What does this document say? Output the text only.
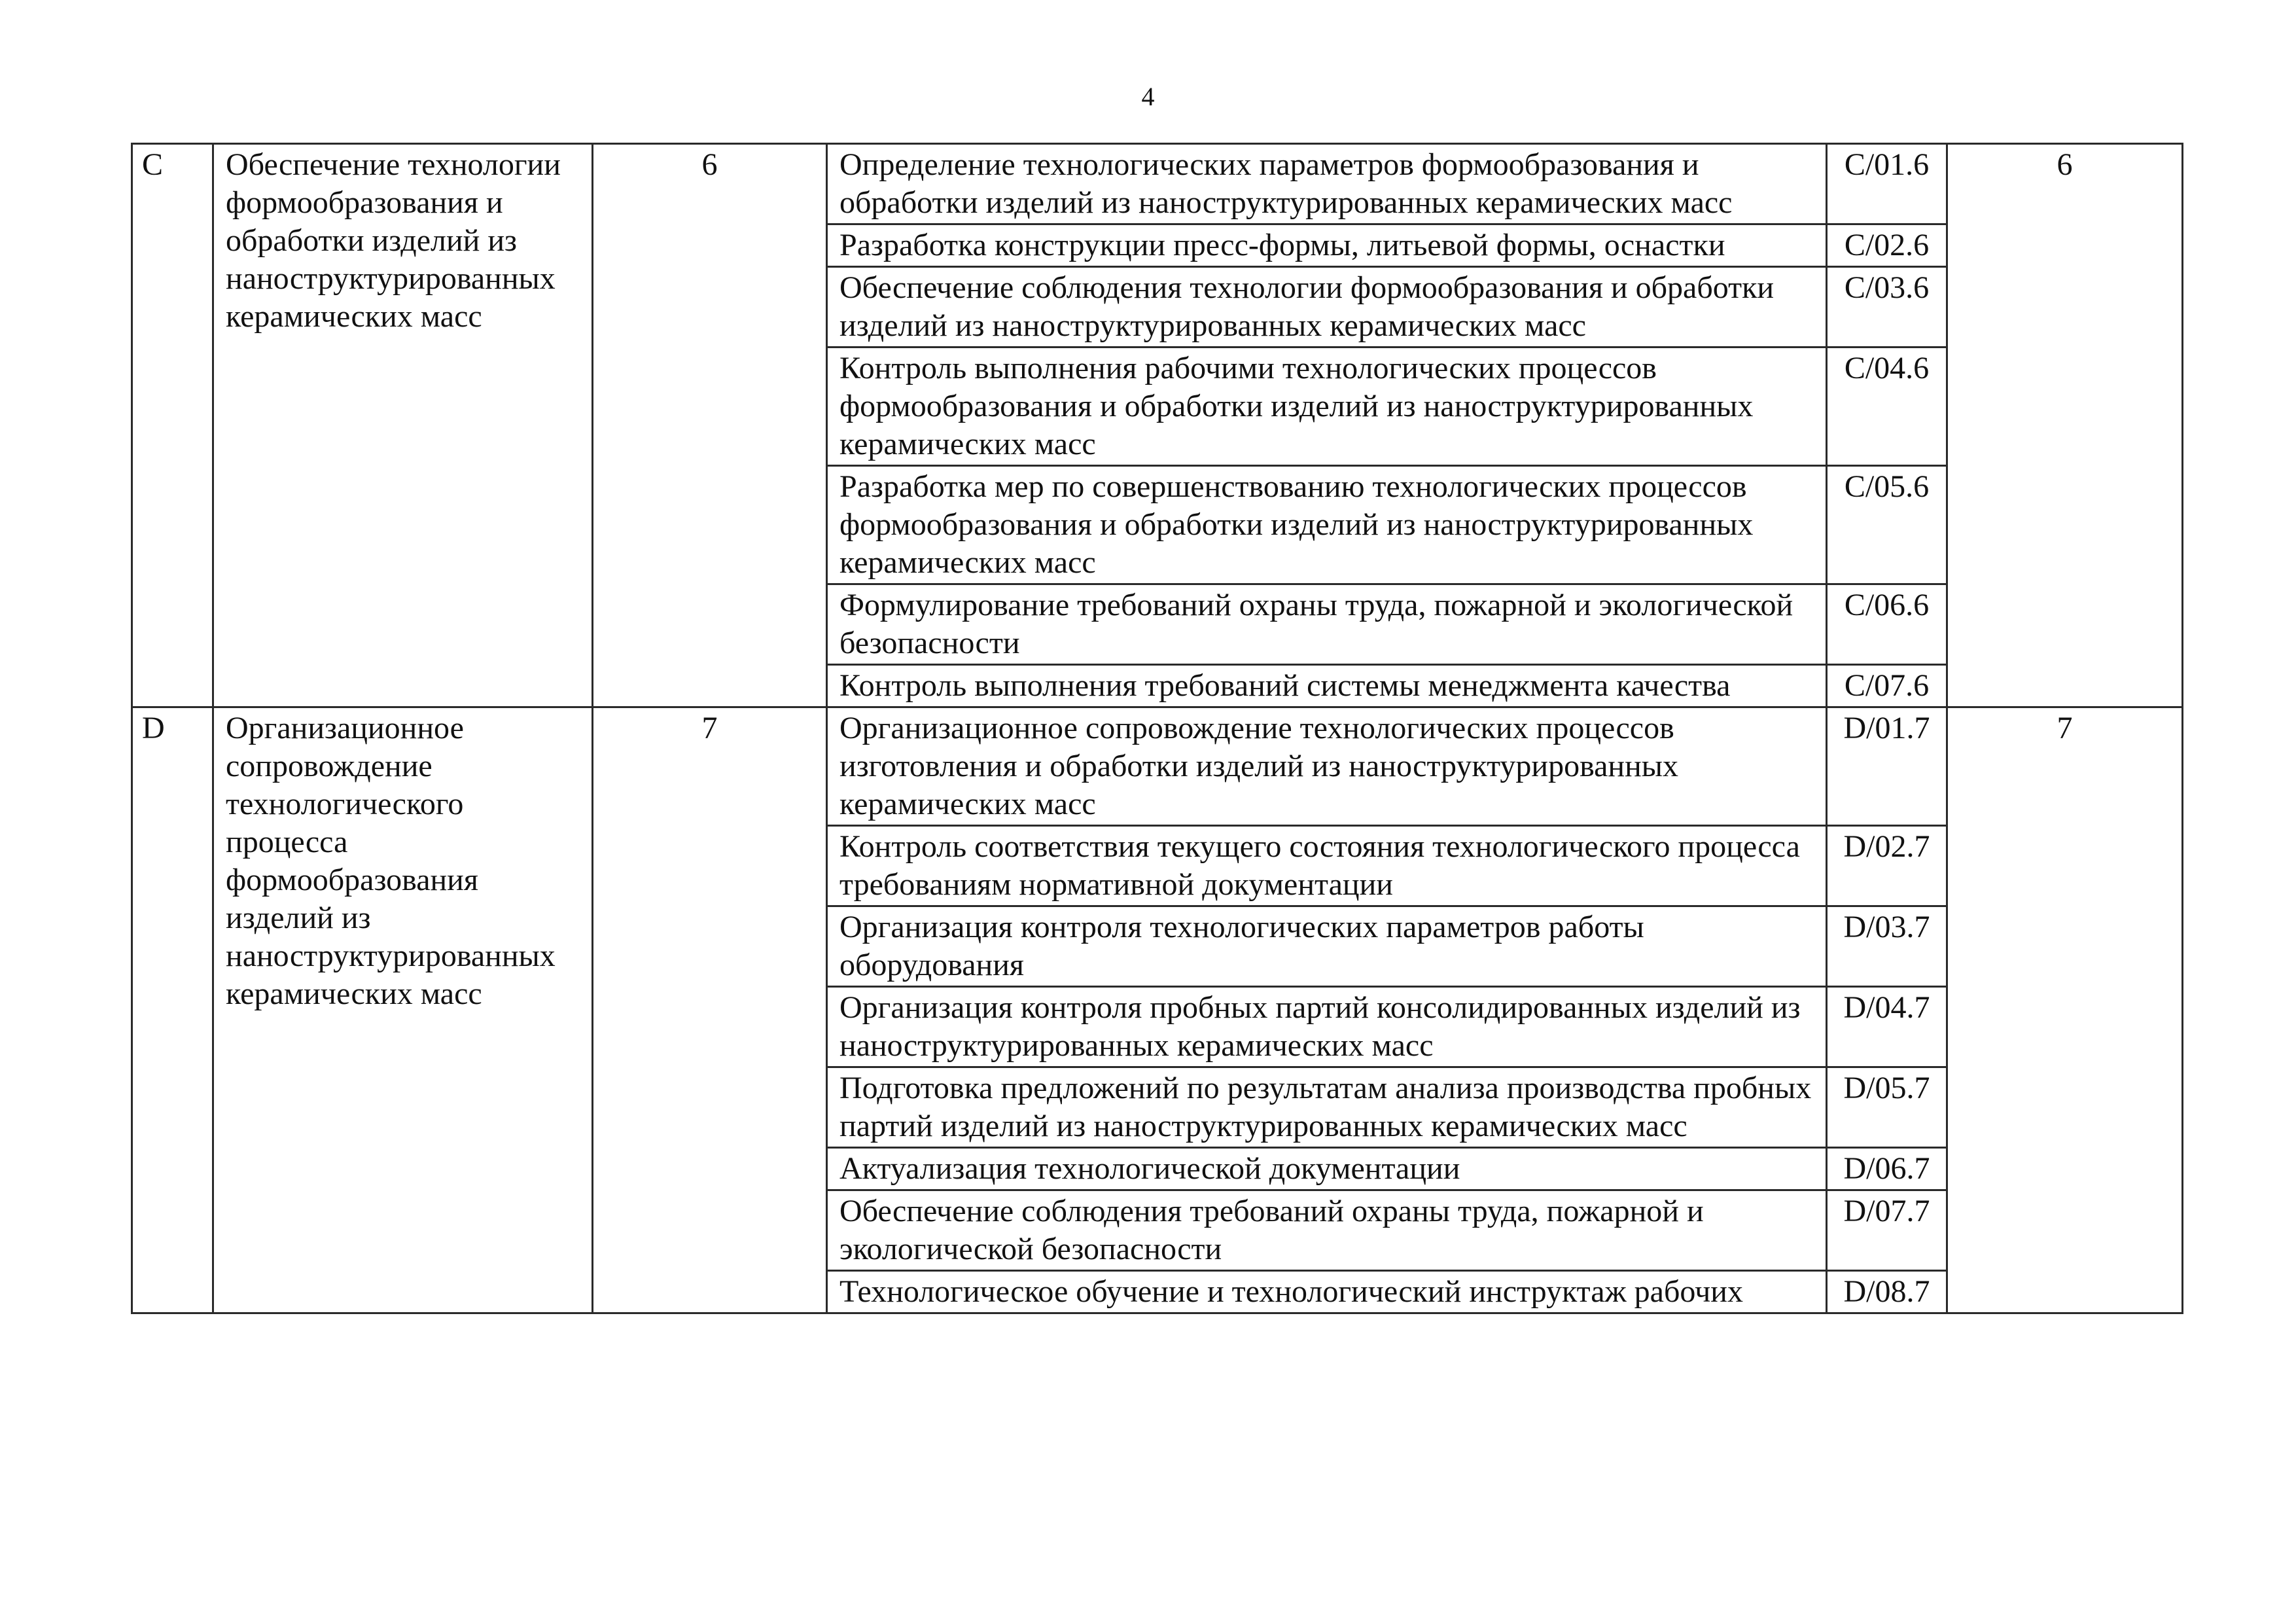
4
C	Обеспечение технологии формообразования и обработки изделий из наноструктурированных керамических масс	6	Определение технологических параметров формообразования и обработки изделий из наноструктурированных керамических масс	C/01.6	6
			Разработка конструкции пресс-формы, литьевой формы, оснастки	C/02.6	
			Обеспечение соблюдения технологии формообразования и обработки изделий из наноструктурированных керамических масс	C/03.6	
			Контроль выполнения рабочими технологических процессов формообразования и обработки изделий из наноструктурированных керамических масс	C/04.6	
			Разработка мер по совершенствованию технологических процессов формообразования и обработки изделий из наноструктурированных керамических масс	C/05.6	
			Формулирование требований охраны труда, пожарной и экологической безопасности	C/06.6	
			Контроль выполнения требований системы менеджмента качества	C/07.6	
D	Организационное сопровождение технологического процесса формообразования изделий из наноструктурированных керамических масс	7	Организационное сопровождение технологических процессов изготовления и обработки изделий из наноструктурированных керамических масс	D/01.7	7
			Контроль соответствия текущего состояния технологического процесса требованиям нормативной документации	D/02.7	
			Организация контроля технологических параметров работы оборудования	D/03.7	
			Организация контроля пробных партий консолидированных изделий из наноструктурированных керамических масс	D/04.7	
			Подготовка предложений по результатам анализа производства пробных партий изделий из наноструктурированных керамических масс	D/05.7	
			Актуализация технологической документации	D/06.7	
			Обеспечение соблюдения требований охраны труда, пожарной и экологической безопасности	D/07.7	
			Технологическое обучение и технологический инструктаж рабочих	D/08.7	
